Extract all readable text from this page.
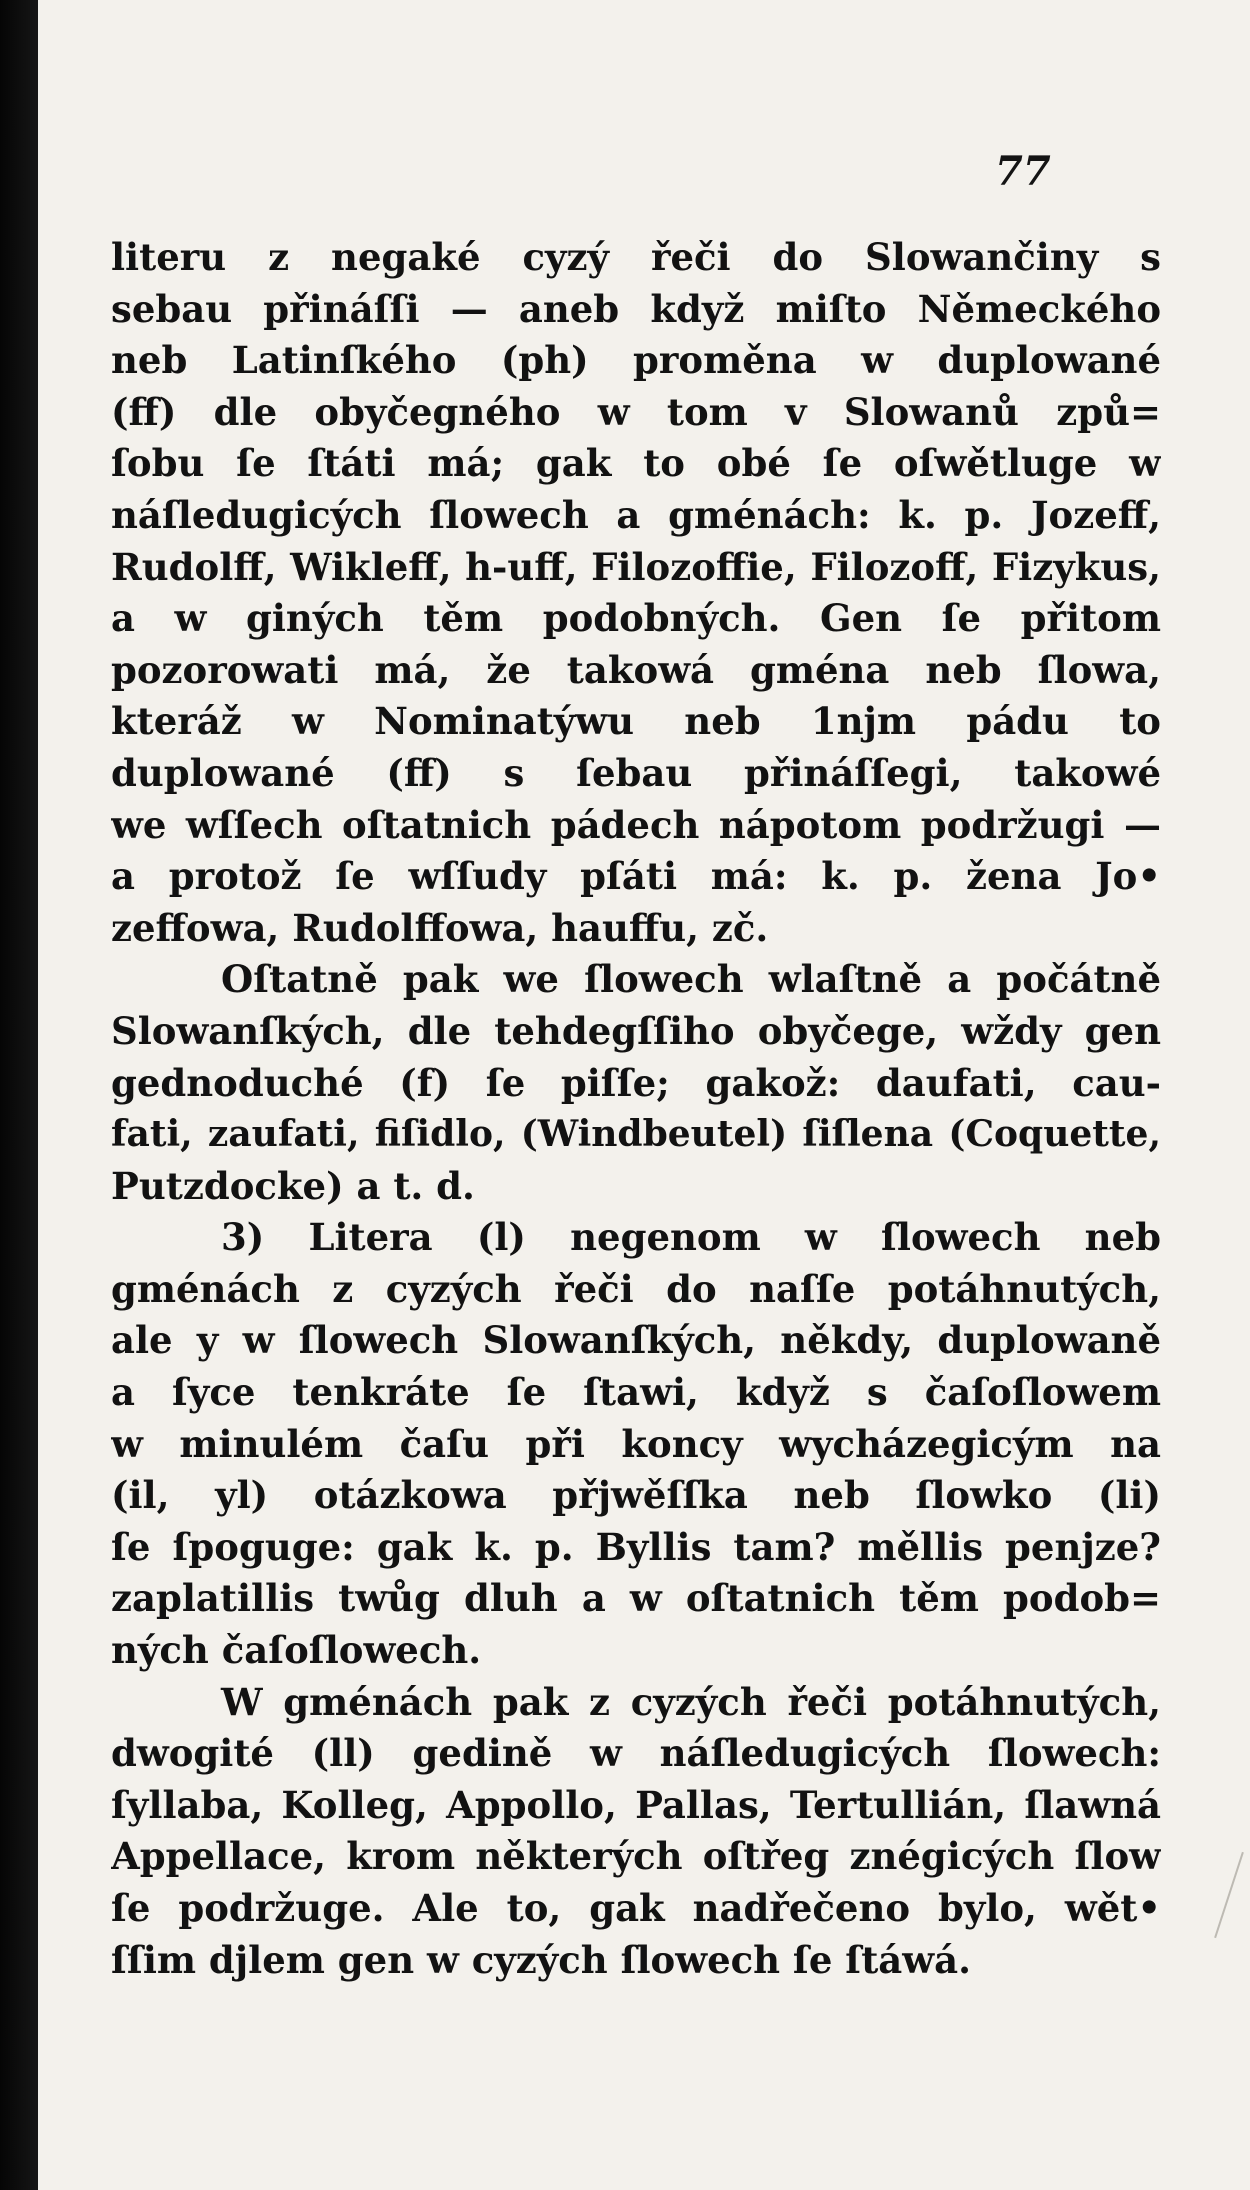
77
literu z negaké cyzý řeči do Slowančiny s
sebau přináſſi — aneb když miſto Německého
neb Latinſkého (ph) proměna w duplowané
(ff) dle obyčegného w tom v Slowanů způ=
ſobu ſe ſtáti má; gak to obé ſe oſwětluge w
náſledugicých ſlowech a gménách: k. p. Jozeff,
Rudolff, Wikleff, h-uff, Filozoffie, Filozoff, Fizykus,
a w giných těm podobných. Gen ſe přitom
pozorowati má, že takowá gména neb ſlowa,
kteráž w Nominatýwu neb 1njm pádu to
duplowané (ff) s ſebau přináſſegi, takowé
we wſſech oſtatnich pádech nápotom podržugi —
a protož ſe wſſudy pſáti má: k. p. žena Jo•
zeffowa, Rudolffowa, hauffu, zč.
Oſtatně pak we ſlowech wlaſtně a počátně
Slowanſkých, dle tehdegſſiho obyčege, wždy gen
gednoduché (f) ſe piſſe; gakož: daufati, cau-
fati, zaufati, fiſidlo, (Windbeutel) ſiſlena (Coquette,
Putzdocke) a t. d.
3) Litera (l) negenom w ſlowech neb
gménách z cyzých řeči do naſſe potáhnutých,
ale y w ſlowech Slowanſkých, někdy, duplowaně
a ſyce tenkráte ſe ſtawi, když s čaſoſlowem
w minulém čaſu při koncy wycházegicým na
(il, yl) otázkowa přjwěſſka neb ſlowko (li)
ſe ſpoguge: gak k. p. Byllis tam? měllis penjze?
zaplatillis twůg dluh a w oſtatnich těm podob=
ných čaſoſlowech.
W gménách pak z cyzých řeči potáhnutých,
dwogité (ll) gedině w náſledugicých ſlowech:
ſyllaba, Kolleg, Appollo, Pallas, Tertullián, ſlawná
Appellace, krom některých oſtřeg znégicých ſlow
ſe podržuge. Ale to, gak nadřečeno bylo, wět•
ſſim djlem gen w cyzých ſlowech ſe ſtáwá.
